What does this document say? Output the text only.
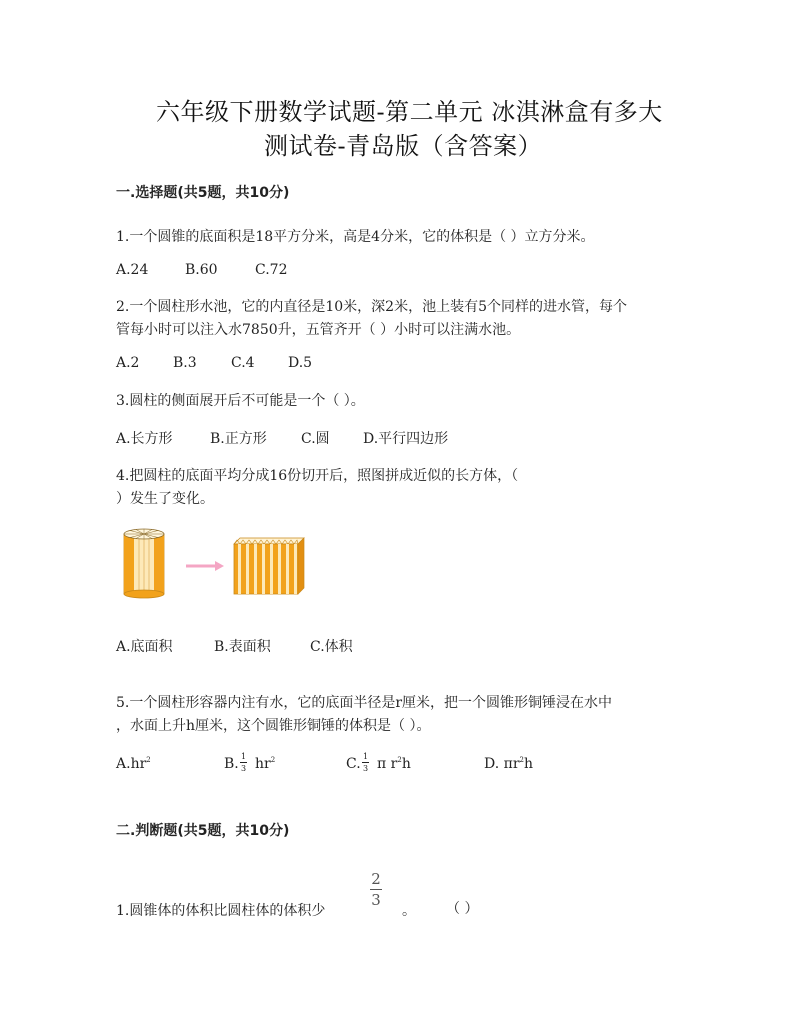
六年级下册数学试题-第二单元 冰淇淋盒有多大
测试卷-青岛版（含答案）
一.选择题(共5题，共10分)
1.一个圆锥的底面积是18平方分米，高是4分米，它的体积是（ ）立方分米。
A.24	B.60	C.72
2.一个圆柱形水池，它的内直径是10米，深2米，池上装有5个同样的进水管，每个
管每小时可以注入水7850升，五管齐开（ ）小时可以注满水池。
A.2 B.3 C.4 D.5
3.圆柱的侧面展开后不可能是一个（ ）。
A.长方形	B.正方形 C.圆 D.平行四边形
4.把圆柱的底面平均分成16份切开后，照图拼成近似的长方体，（
）发生了变化。
A.底面积	B.表面积	C.体积
5.一个圆柱形容器内注有水，它的底面半径是r厘米，把一个圆锥形铜锤浸在水中
，水面上升h厘米，这个圆锥形铜锤的体积是（ ）。
$A.hr^2$	B. 1
3 $hr^2$	C. 1
3 π $r^2h$	D. $\pi r^2h$
二.判断题(共5题，共10分)
1.圆锥体的体积比圆柱体的体积少
2
3
。 （ ）
